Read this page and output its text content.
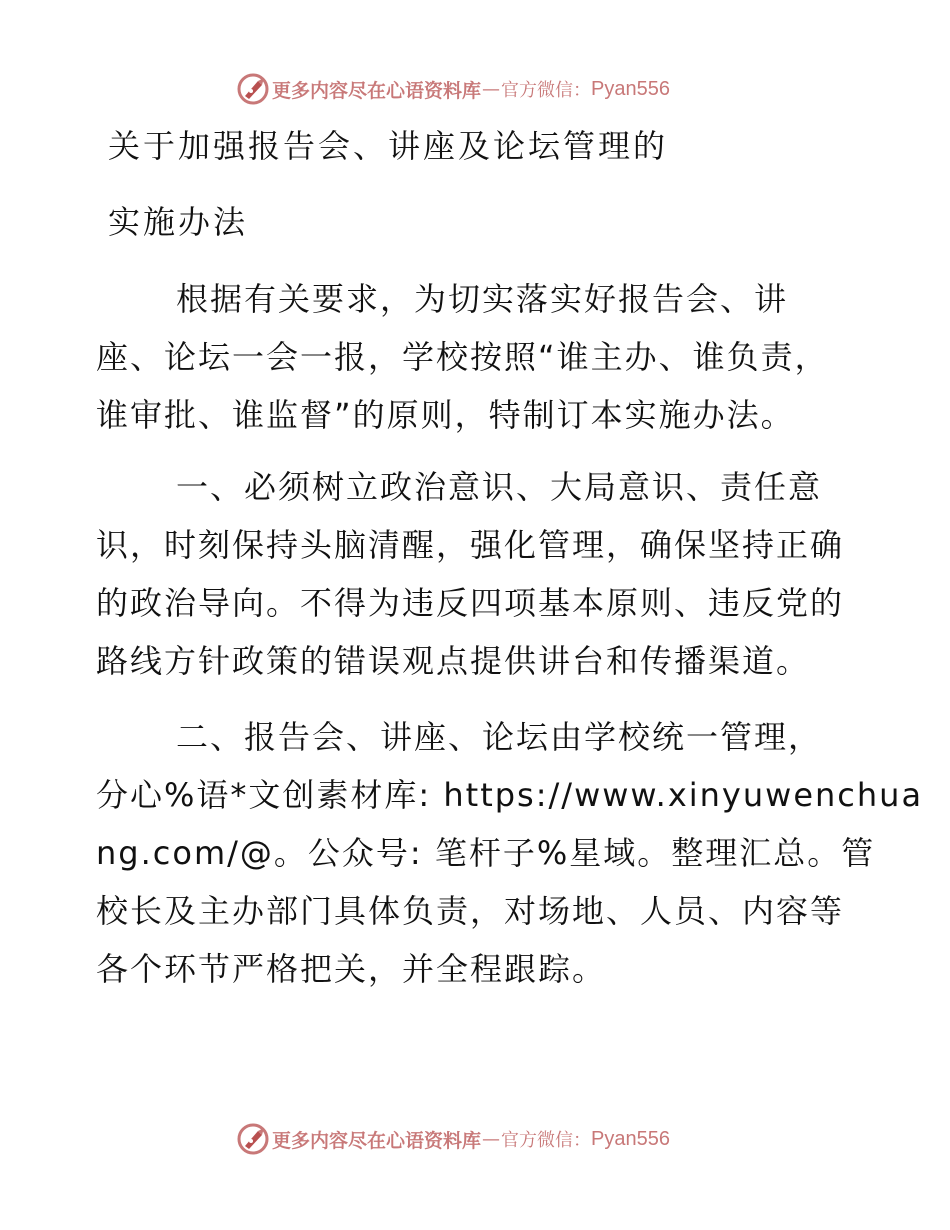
更多内容尽在心语资料库 — 官方微信： Pyan556
关于加强报告会、讲座及论坛管理的
实施办法
根据有关要求，为切实落实好报告会、讲
座、论坛一会一报，学校按照“谁主办、谁负责，
谁审批、谁监督”的原则，特制订本实施办法。
一、必须树立政治意识、大局意识、责任意
识，时刻保持头脑清醒，强化管理，确保坚持正确
的政治导向。不得为违反四项基本原则、违反党的
路线方针政策的错误观点提供讲台和传播渠道。
二、报告会、讲座、论坛由学校统一管理，
分心%语*文创素材库: https://www.xinyuwenchua
ng.com/@。公众号: 笔杆子%星域。整理汇总。管
校长及主办部门具体负责，对场地、人员、内容等
各个环节严格把关，并全程跟踪。
更多内容尽在心语资料库 — 官方微信： Pyan556
